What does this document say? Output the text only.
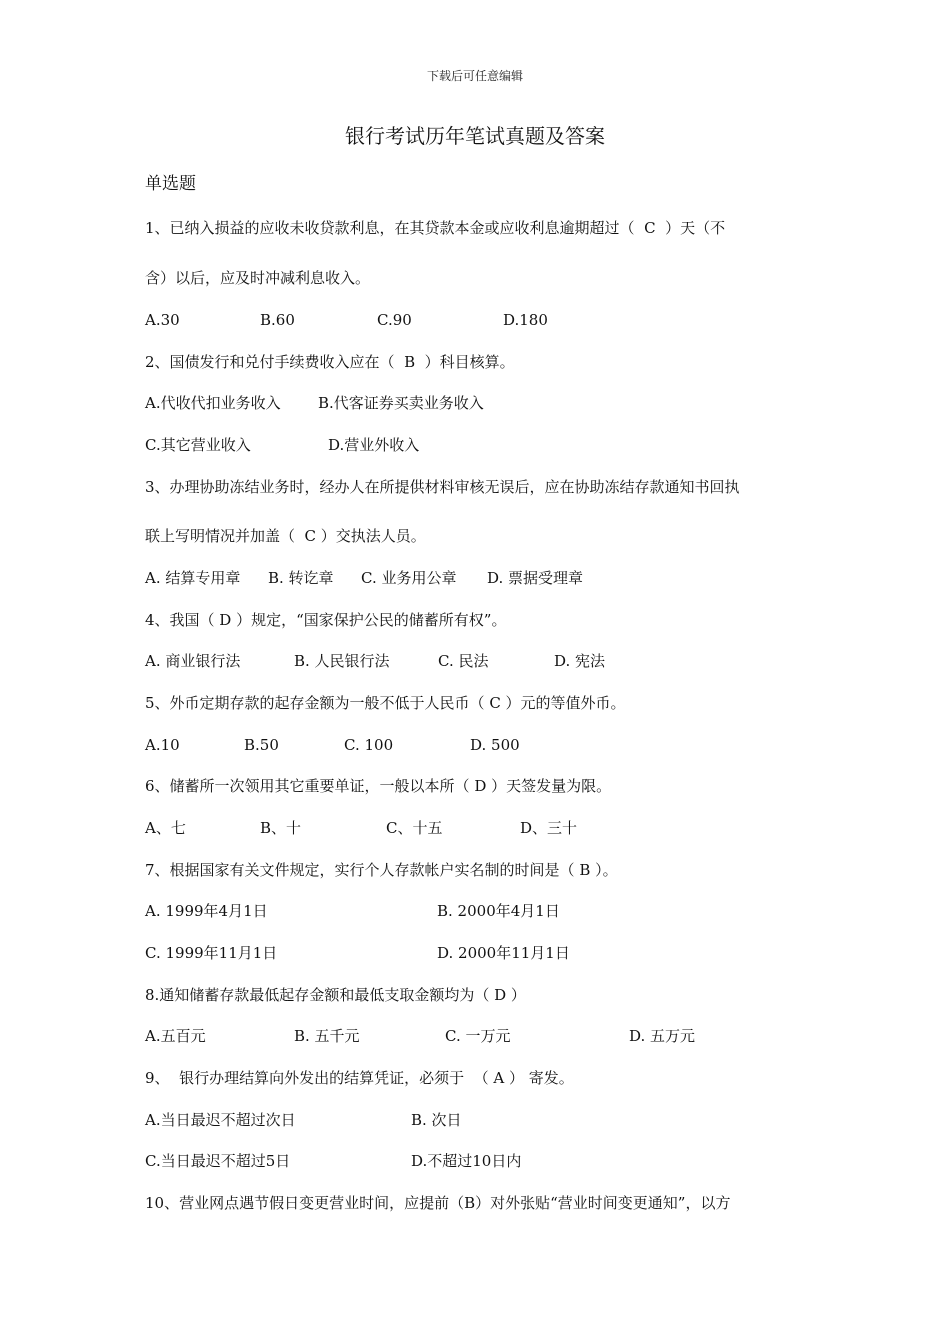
下载后可任意编辑
银行考试历年笔试真题及答案
单选题
1、已纳入损益的应收未收贷款利息，在其贷款本金或应收利息逾期超过（  C  ）天（不
含）以后，应及时冲减利息收入。
A.30	B.60	C.90	D.180
2、国债发行和兑付手续费收入应在（  B  ）科目核算。
A.代收代扣业务收入 B.代客证券买卖业务收入
C.其它营业收入	D.营业外收入
3、办理协助冻结业务时，经办人在所提供材料审核无误后，应在协助冻结存款通知书回执
联上写明情况并加盖（  C ）交执法人员。
A. 结算专用章 B. 转讫章 C. 业务用公章 D. 票据受理章
4、我国（ D ）规定，“国家保护公民的储蓄所有权”。
A. 商业银行法	B. 人民银行法	C. 民法	D. 宪法
5、外币定期存款的起存金额为一般不低于人民币（ C ）元的等值外币。
A.10	B.50	C. 100	D. 500
6、储蓄所一次领用其它重要单证，一般以本所（ D ）天签发量为限。
A、七	B、十	C、十五	D、三十
7、根据国家有关文件规定，实行个人存款帐户实名制的时间是（ B ）。
A. 1999年4月1日	B. 2000年4月1日
C. 1999年11月1日	D. 2000年11月1日
8.通知储蓄存款最低起存金额和最低支取金额均为（ D ）
A.五百元	B. 五千元	C. 一万元	D. 五万元
9、  银行办理结算向外发出的结算凭证，必须于  （ A ） 寄发。
A.当日最迟不超过次日	B. 次日
C.当日最迟不超过5日	D.不超过10日内
10、营业网点遇节假日变更营业时间，应提前（B）对外张贴“营业时间变更通知”，以方
